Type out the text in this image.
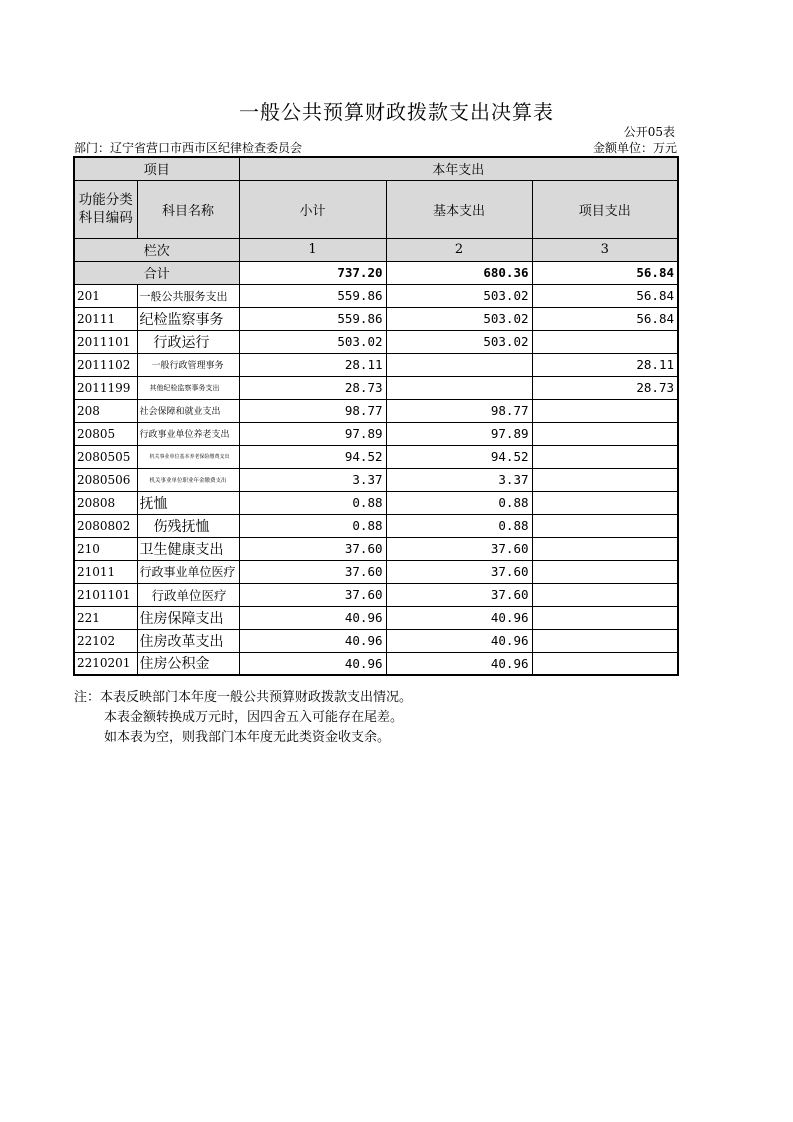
一般公共预算财政拨款支出决算表
公开05表
部门：辽宁省营口市西市区纪律检查委员会	金额单位：万元
项目		本年支出		

功能分类
科目编码	科目名称	小计	基本支出	项目支出
栏次		1	2	3
合计		737.20	680.36	56.84
201	一般公共服务支出	559.86	503.02	56.84
20111	纪检监察事务	559.86	503.02	56.84
2011101	行政运行	503.02	503.02	
2011102	一般行政管理事务	28.11		28.11
2011199	其他纪检监察事务支出	28.73		28.73
208	社会保障和就业支出	98.77	98.77	
20805	行政事业单位养老支出	97.89	97.89	
2080505	机关事业单位基本养老保险缴费支出	94.52	94.52	
2080506	机关事业单位职业年金缴费支出	3.37	3.37	
20808	抚恤	0.88	0.88	
2080802	伤残抚恤	0.88	0.88	
210	卫生健康支出	37.60	37.60	
21011	行政事业单位医疗	37.60	37.60	
2101101	行政单位医疗	37.60	37.60	
221	住房保障支出	40.96	40.96	
22102	住房改革支出	40.96	40.96	
2210201	住房公积金	40.96	40.96	
注：本表反映部门本年度一般公共预算财政拨款支出情况。
本表金额转换成万元时，因四舍五入可能存在尾差。
如本表为空，则我部门本年度无此类资金收支余。
